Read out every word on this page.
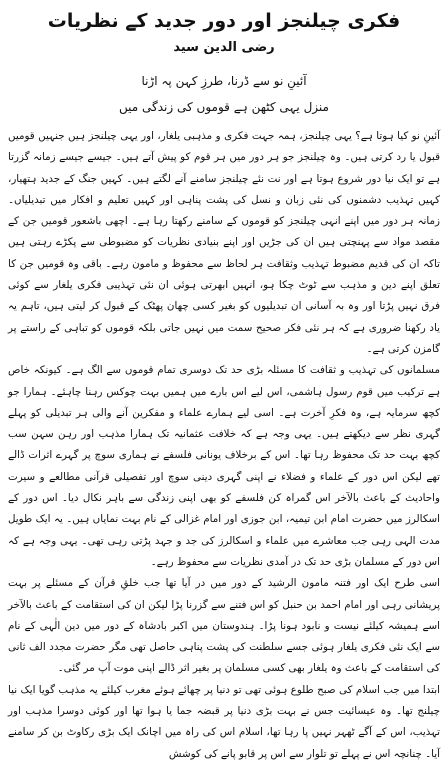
فکری چیلنجز اور دور جدید کے نظریات
رضی الدین سید

آئینِ نو سے ڈرنا، طرزِ کہن پہ اڑنا

منزل یہی کٹھن ہے قوموں کی زندگی میں

آئینِ نو کیا ہوتا ہے؟ یہی چیلنجز، ہمہ جہت فکری و مذہبی یلغار، اور یہی چیلنجز ہیں جنہیں قومیں قبول یا رد کرتی ہیں۔ وہ چیلنجز جو ہر دور میں ہر قوم کو پیش آتے ہیں۔ جیسے جیسے زمانہ گزرتا ہے تو ایک نیا دور شروع ہوتا ہے اور نت نئے چیلنجز سامنے آنے لگتے ہیں۔ کہیں جنگ کے جدید ہتھیار، کہیں تہذیب دشمنوں کی نئی زبان و نسل کی پشت پناہی اور کہیں تعلیم و افکار میں تبدیلیاں۔ زمانہ ہر دور میں اپنے انہی چیلنجز کو قوموں کے سامنے رکھتا رہا ہے۔ اچھی باشعور قومیں جن کے مقصد مواد سے پہنچتی ہیں ان کی جڑیں اور اپنے بنیادی نظریات کو مضبوطی سے پکڑے رہتی ہیں تاکہ ان کی قدیم مضبوط تہذیب وثقافت ہر لحاظ سے محفوظ و مامون رہے۔ باقی وہ قومیں جن کا تعلق اپنے دین و مذہب سے ٹوٹ چکا ہو، انہیں ابھرتی ہوئی ان نئی تہذیبی فکری یلغار سے کوئی فرق نہیں پڑتا اور وہ بہ آسانی ان تبدیلیوں کو بغیر کسی چھان پھٹک کے قبول کر لیتی ہیں، تاہم یہ یاد رکھنا ضروری ہے کہ ہر نئی فکر صحیح سمت میں نہیں جاتی بلکہ قوموں کو تباہی کے راستے پر گامزن کرتی ہے۔

مسلمانوں کی تہذیب و ثقافت کا مسئلہ بڑی حد تک دوسری تمام قوموں سے الگ ہے۔ کیونکہ خاص ہے ترکیب میں قوم رسول ہاشمی، اس لیے اس بارے میں ہمیں بہت چوکس رہنا چاہئے۔ ہمارا جو کچھ سرمایہ ہے، وہ فکرِ آخرت ہے۔ اسی لیے ہمارے علماء و مفکرین آنے والی ہر تبدیلی کو پہلے گہری نظر سے دیکھتے ہیں۔ یہی وجہ ہے کہ خلافت عثمانیہ تک ہمارا مذہب اور رہن سہن سب کچھ بہت حد تک محفوظ رہا تھا۔ اس کے برخلاف یونانی فلسفے نے ہماری سوچ پر گہرے اثرات ڈالے تھے لیکن اس دور کے علماء و فضلاء نے اپنی گہری دینی سوچ اور تفصیلی قرآنی مطالعے و سیرت واحادیث کے باعث بالآخر اس گمراہ کن فلسفے کو بھی اپنی زندگی سے باہر نکال دیا۔ اس دور کے اسکالرز میں حضرت امام ابن تیمیہ، ابن جوزی اور امام غزالی کے نام بہت نمایاں ہیں۔ یہ ایک طویل مدت الہی رہی جب معاشرے میں علماء و اسکالرز کی جد و جہد پڑتی رہی تھی۔ یہی وجہ ہے کہ اس دور کے مسلمان بڑی حد تک در آمدی نظریات سے محفوظ رہے۔

اسی طرح ایک اور فتنہ مامون الرشید کے دور میں در آیا تھا جب خلقِ قرآن کے مسئلے پر بہت پریشانی رہی اور امام احمد بن حنبل کو اس فتنے سے گزرنا پڑا لیکن ان کی استقامت کے باعث بالآخر اسے ہمیشہ کیلئے نیست و نابود ہونا پڑا۔ ہندوستان میں اکبر بادشاہ کے دور میں دین الٰہی کے نام سے ایک نئی فکری یلغار ہوئی جسے سلطنت کی پشت پناہی حاصل تھی مگر حضرت مجدد الف ثانی کی استقامت کے باعث وہ یلغار بھی کسی مسلمان پر بغیر اثر ڈالے اپنی موت آپ مر گئی۔

ابتدا میں جب اسلام کی صبح طلوع ہوئی تھی تو دنیا پر چھائے ہوئے مغرب کیلئے یہ مذہب گویا ایک نیا چیلنج تھا۔ وہ عیسائیت جس نے بہت بڑی دنیا پر قبضہ جما یا ہوا تھا اور کوئی دوسرا مذہب اور تہذیب، اس کے آگے ٹھہر نہیں پا رہا تھا، اسلام اس کی راہ میں اچانک ایک بڑی رکاوٹ بن کر سامنے آیا۔ چنانچہ اس نے پہلے تو تلوار سے اس پر قابو پانے کی کوشش
